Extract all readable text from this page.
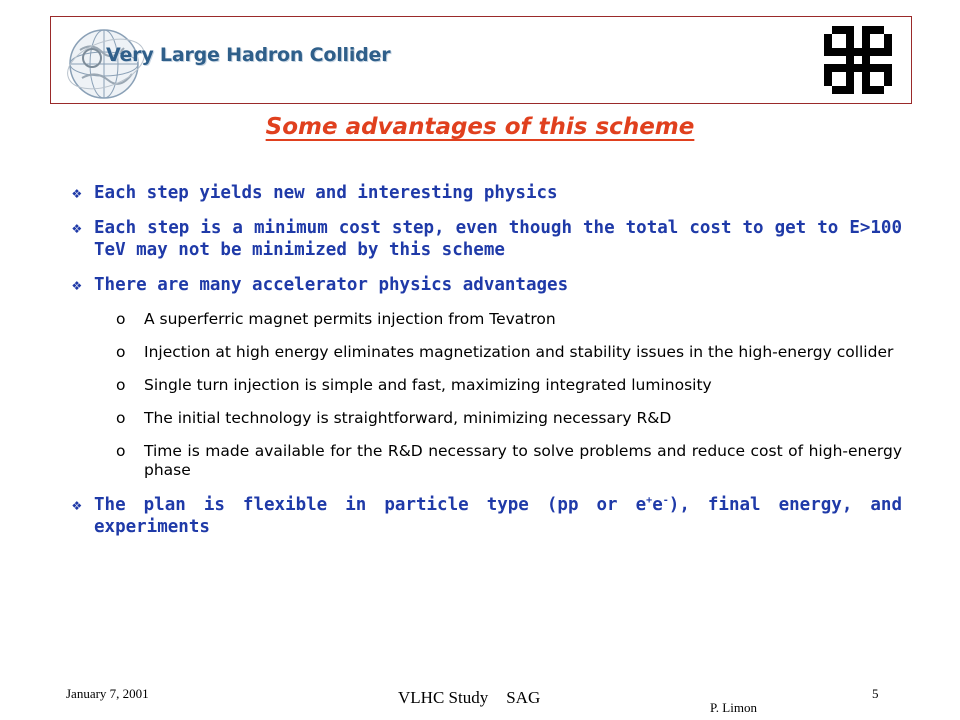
Very Large Hadron Collider
Some advantages of this scheme
❖ Each step yields new and interesting physics
❖ Each step is a minimum cost step, even though the total cost to get to E>100 TeV may not be minimized by this scheme
❖ There are many accelerator physics advantages
o A superferric magnet permits injection from Tevatron
o Injection at high energy eliminates magnetization and stability issues in the high-energy collider
o Single turn injection is simple and fast, maximizing integrated luminosity
o The initial technology is straightforward, minimizing necessary R&D
o Time is made available for the R&D necessary to solve problems and reduce cost of high-energy phase
❖ The plan is flexible in particle type (pp or e+e-), final energy, and experiments
January 7, 2001	VLHC Study SAG	5
P. Limon
